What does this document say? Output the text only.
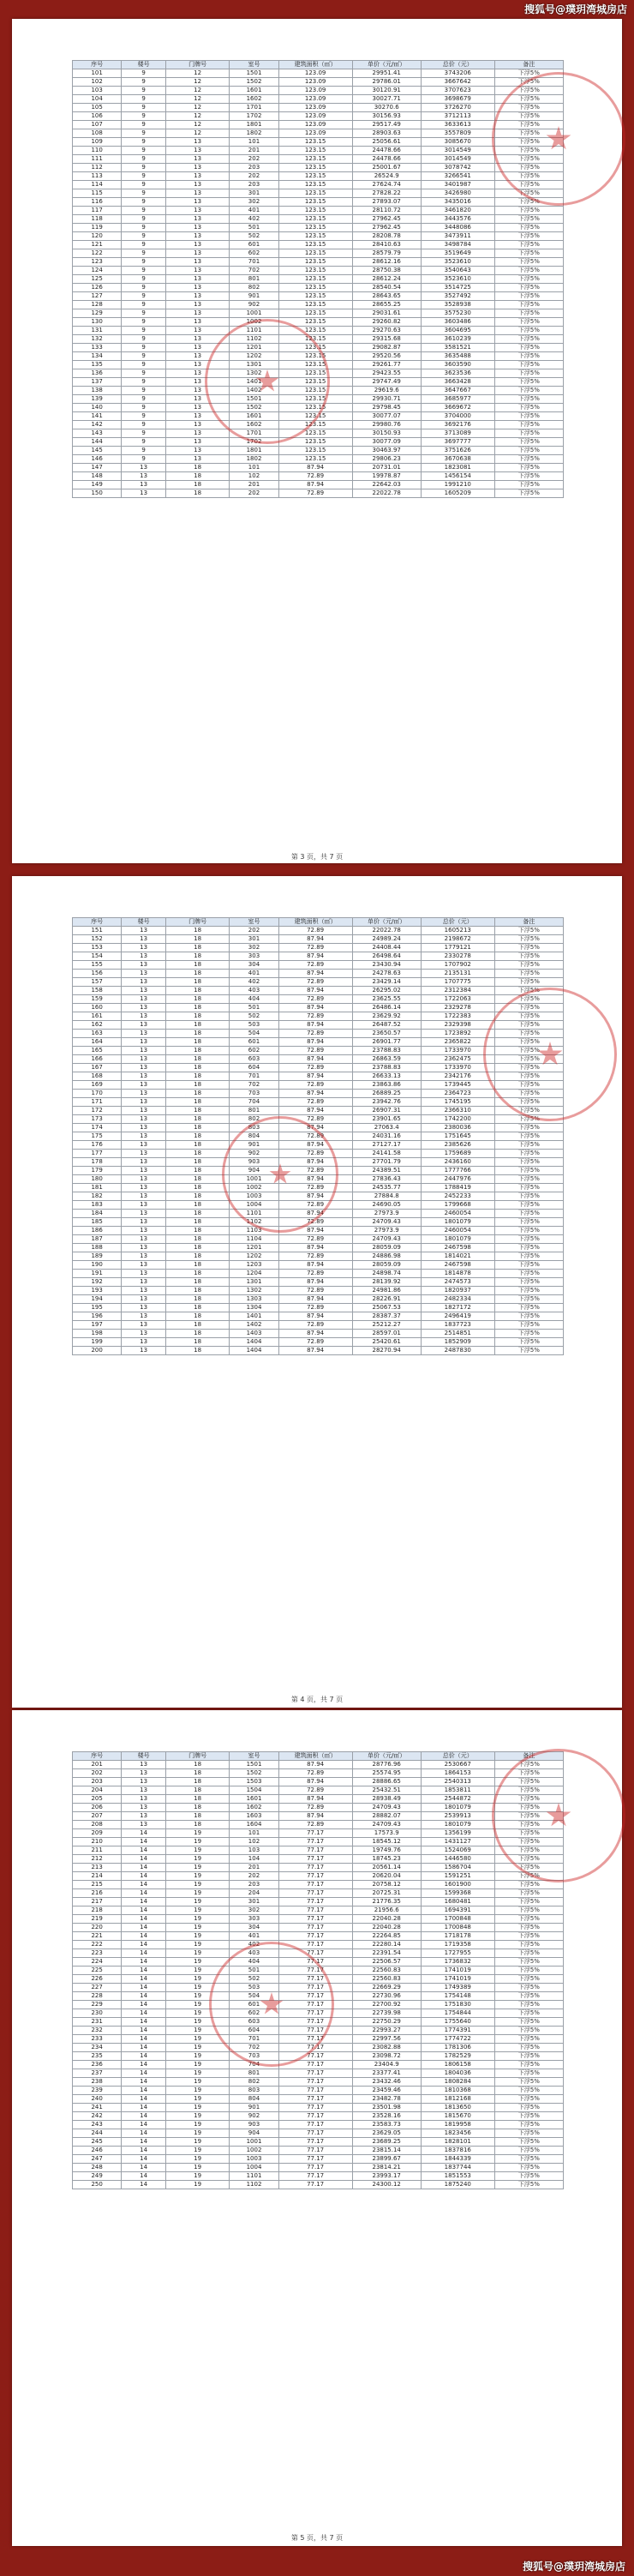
搜狐号@璞玥湾城房店
序号	楼号	门牌号	室号	建筑面积（㎡）	单价（元/㎡）	总价（元）	备注
101	9	12	1501	123.09	29951.41	3743206	下浮5%
102	9	12	1502	123.09	29786.01	3667642	下浮5%
103	9	12	1601	123.09	30120.91	3707623	下浮5%
104	9	12	1602	123.09	30027.71	3698679	下浮5%
105	9	12	1701	123.09	30270.6	3726270	下浮5%
106	9	12	1702	123.09	30156.93	3712113	下浮5%
107	9	12	1801	123.09	29517.49	3633613	下浮5%
108	9	12	1802	123.09	28903.63	3557809	下浮5%
109	9	13	101	123.15	25056.61	3085670	下浮5%
110	9	13	201	123.15	24478.66	3014549	下浮5%
111	9	13	202	123.15	24478.66	3014549	下浮5%
112	9	13	203	123.15	25001.67	3078742	下浮5%
113	9	13	202	123.15	26524.9	3266541	下浮5%
114	9	13	203	123.15	27624.74	3401987	下浮5%
115	9	13	301	123.15	27828.22	3426980	下浮5%
116	9	13	302	123.15	27893.07	3435016	下浮5%
117	9	13	401	123.15	28110.72	3461820	下浮5%
118	9	13	402	123.15	27962.45	3443576	下浮5%
119	9	13	501	123.15	27962.45	3448086	下浮5%
120	9	13	502	123.15	28208.78	3473911	下浮5%
121	9	13	601	123.15	28410.63	3498784	下浮5%
122	9	13	602	123.15	28579.79	3519649	下浮5%
123	9	13	701	123.15	28612.16	3523610	下浮5%
124	9	13	702	123.15	28750.38	3540643	下浮5%
125	9	13	801	123.15	28612.24	3523610	下浮5%
126	9	13	802	123.15	28540.54	3514725	下浮5%
127	9	13	901	123.15	28643.65	3527492	下浮5%
128	9	13	902	123.15	28655.25	3528938	下浮5%
129	9	13	1001	123.15	29031.61	3575230	下浮5%
130	9	13	1002	123.15	29260.82	3603486	下浮5%
131	9	13	1101	123.15	29270.63	3604695	下浮5%
132	9	13	1102	123.15	29315.68	3610239	下浮5%
133	9	13	1201	123.15	29082.87	3581521	下浮5%
134	9	13	1202	123.15	29520.56	3635488	下浮5%
135	9	13	1301	123.15	29261.77	3603590	下浮5%
136	9	13	1302	123.15	29423.55	3623536	下浮5%
137	9	13	1401	123.15	29747.49	3663428	下浮5%
138	9	13	1402	123.15	29619.6	3647667	下浮5%
139	9	13	1501	123.15	29930.71	3685977	下浮5%
140	9	13	1502	123.15	29798.45	3669672	下浮5%
141	9	13	1601	123.15	30077.07	3704000	下浮5%
142	9	13	1602	123.15	29980.76	3692176	下浮5%
143	9	13	1701	123.15	30150.93	3713089	下浮5%
144	9	13	1702	123.15	30077.09	3697777	下浮5%
145	9	13	1801	123.15	30463.97	3751626	下浮5%
146	9	13	1802	123.15	29806.23	3670638	下浮5%
147	13	18	101	87.94	20731.01	1823081	下浮5%
148	13	18	102	72.89	19978.87	1456154	下浮5%
149	13	18	201	87.94	22642.03	1991210	下浮5%
150	13	18	202	72.89	22022.78	1605209	下浮5%
第 3 页，共 7 页
序号	楼号	门牌号	室号	建筑面积（㎡）	单价（元/㎡）	总价（元）	备注
151	13	18	202	72.89	22022.78	1605213	下浮5%
152	13	18	301	87.94	24989.24	2198672	下浮5%
153	13	18	302	72.89	24408.44	1779121	下浮5%
154	13	18	303	87.94	26498.64	2330278	下浮5%
155	13	18	304	72.89	23430.94	1707902	下浮5%
156	13	18	401	87.94	24278.63	2135131	下浮5%
157	13	18	402	72.89	23429.14	1707775	下浮5%
158	13	18	403	87.94	26295.02	2312384	下浮5%
159	13	18	404	72.89	23625.55	1722063	下浮5%
160	13	18	501	87.94	26486.14	2329278	下浮5%
161	13	18	502	72.89	23629.92	1722383	下浮5%
162	13	18	503	87.94	26487.52	2329398	下浮5%
163	13	18	504	72.89	23650.57	1723892	下浮5%
164	13	18	601	87.94	26901.77	2365822	下浮5%
165	13	18	602	72.89	23788.83	1733970	下浮5%
166	13	18	603	87.94	26863.59	2362475	下浮5%
167	13	18	604	72.89	23788.83	1733970	下浮5%
168	13	18	701	87.94	26633.13	2342176	下浮5%
169	13	18	702	72.89	23863.86	1739445	下浮5%
170	13	18	703	87.94	26889.25	2364723	下浮5%
171	13	18	704	72.89	23942.76	1745195	下浮5%
172	13	18	801	87.94	26907.31	2366310	下浮5%
173	13	18	802	72.89	23901.65	1742200	下浮5%
174	13	18	803	87.94	27063.4	2380036	下浮5%
175	13	18	804	72.89	24031.16	1751645	下浮5%
176	13	18	901	87.94	27127.17	2385626	下浮5%
177	13	18	902	72.89	24141.58	1759689	下浮5%
178	13	18	903	87.94	27701.79	2436160	下浮5%
179	13	18	904	72.89	24389.51	1777766	下浮5%
180	13	18	1001	87.94	27836.43	2447976	下浮5%
181	13	18	1002	72.89	24535.77	1788419	下浮5%
182	13	18	1003	87.94	27884.8	2452233	下浮5%
183	13	18	1004	72.89	24690.05	1799668	下浮5%
184	13	18	1101	87.94	27973.9	2460054	下浮5%
185	13	18	1102	72.89	24709.43	1801079	下浮5%
186	13	18	1103	87.94	27973.9	2460054	下浮5%
187	13	18	1104	72.89	24709.43	1801079	下浮5%
188	13	18	1201	87.94	28059.09	2467598	下浮5%
189	13	18	1202	72.89	24886.98	1814021	下浮5%
190	13	18	1203	87.94	28059.09	2467598	下浮5%
191	13	18	1204	72.89	24898.74	1814878	下浮5%
192	13	18	1301	87.94	28139.92	2474573	下浮5%
193	13	18	1302	72.89	24981.86	1820937	下浮5%
194	13	18	1303	87.94	28226.91	2482334	下浮5%
195	13	18	1304	72.89	25067.53	1827172	下浮5%
196	13	18	1401	87.94	28387.37	2496419	下浮5%
197	13	18	1402	72.89	25212.27	1837723	下浮5%
198	13	18	1403	87.94	28597.01	2514851	下浮5%
199	13	18	1404	72.89	25420.61	1852909	下浮5%
200	13	18	1404	87.94	28270.94	2487830	下浮5%
第 4 页，共 7 页
序号	楼号	门牌号	室号	建筑面积（㎡）	单价（元/㎡）	总价（元）	备注
201	13	18	1501	87.94	28776.96	2530667	下浮5%
202	13	18	1502	72.89	25574.95	1864153	下浮5%
203	13	18	1503	87.94	28886.65	2540313	下浮5%
204	13	18	1504	72.89	25432.51	1853811	下浮5%
205	13	18	1601	87.94	28938.49	2544872	下浮5%
206	13	18	1602	72.89	24709.43	1801079	下浮5%
207	13	18	1603	87.94	28882.07	2539913	下浮5%
208	13	18	1604	72.89	24709.43	1801079	下浮5%
209	14	19	101	77.17	17573.9	1356199	下浮5%
210	14	19	102	77.17	18545.12	1431127	下浮5%
211	14	19	103	77.17	19749.76	1524069	下浮5%
212	14	19	104	77.17	18745.23	1446580	下浮5%
213	14	19	201	77.17	20561.14	1586704	下浮5%
214	14	19	202	77.17	20620.04	1591251	下浮5%
215	14	19	203	77.17	20758.12	1601900	下浮5%
216	14	19	204	77.17	20725.31	1599368	下浮5%
217	14	19	301	77.17	21776.35	1680481	下浮5%
218	14	19	302	77.17	21956.6	1694391	下浮5%
219	14	19	303	77.17	22040.28	1700848	下浮5%
220	14	19	304	77.17	22040.28	1700848	下浮5%
221	14	19	401	77.17	22264.85	1718178	下浮5%
222	14	19	402	77.17	22280.14	1719358	下浮5%
223	14	19	403	77.17	22391.54	1727955	下浮5%
224	14	19	404	77.17	22506.57	1736832	下浮5%
225	14	19	501	77.17	22560.83	1741019	下浮5%
226	14	19	502	77.17	22560.83	1741019	下浮5%
227	14	19	503	77.17	22669.29	1749389	下浮5%
228	14	19	504	77.17	22730.96	1754148	下浮5%
229	14	19	601	77.17	22700.92	1751830	下浮5%
230	14	19	602	77.17	22739.98	1754844	下浮5%
231	14	19	603	77.17	22750.29	1755640	下浮5%
232	14	19	604	77.17	22993.27	1774391	下浮5%
233	14	19	701	77.17	22997.56	1774722	下浮5%
234	14	19	702	77.17	23082.88	1781306	下浮5%
235	14	19	703	77.17	23098.72	1782529	下浮5%
236	14	19	704	77.17	23404.9	1806158	下浮5%
237	14	19	801	77.17	23377.41	1804036	下浮5%
238	14	19	802	77.17	23432.46	1808284	下浮5%
239	14	19	803	77.17	23459.46	1810368	下浮5%
240	14	19	804	77.17	23482.78	1812168	下浮5%
241	14	19	901	77.17	23501.98	1813650	下浮5%
242	14	19	902	77.17	23528.16	1815670	下浮5%
243	14	19	903	77.17	23583.73	1819958	下浮5%
244	14	19	904	77.17	23629.05	1823456	下浮5%
245	14	19	1001	77.17	23689.25	1828101	下浮5%
246	14	19	1002	77.17	23815.14	1837816	下浮5%
247	14	19	1003	77.17	23899.67	1844339	下浮5%
248	14	19	1004	77.17	23814.21	1837744	下浮5%
249	14	19	1101	77.17	23993.17	1851553	下浮5%
250	14	19	1102	77.17	24300.12	1875240	下浮5%
第 5 页，共 7 页
搜狐号@璞玥湾城房店
